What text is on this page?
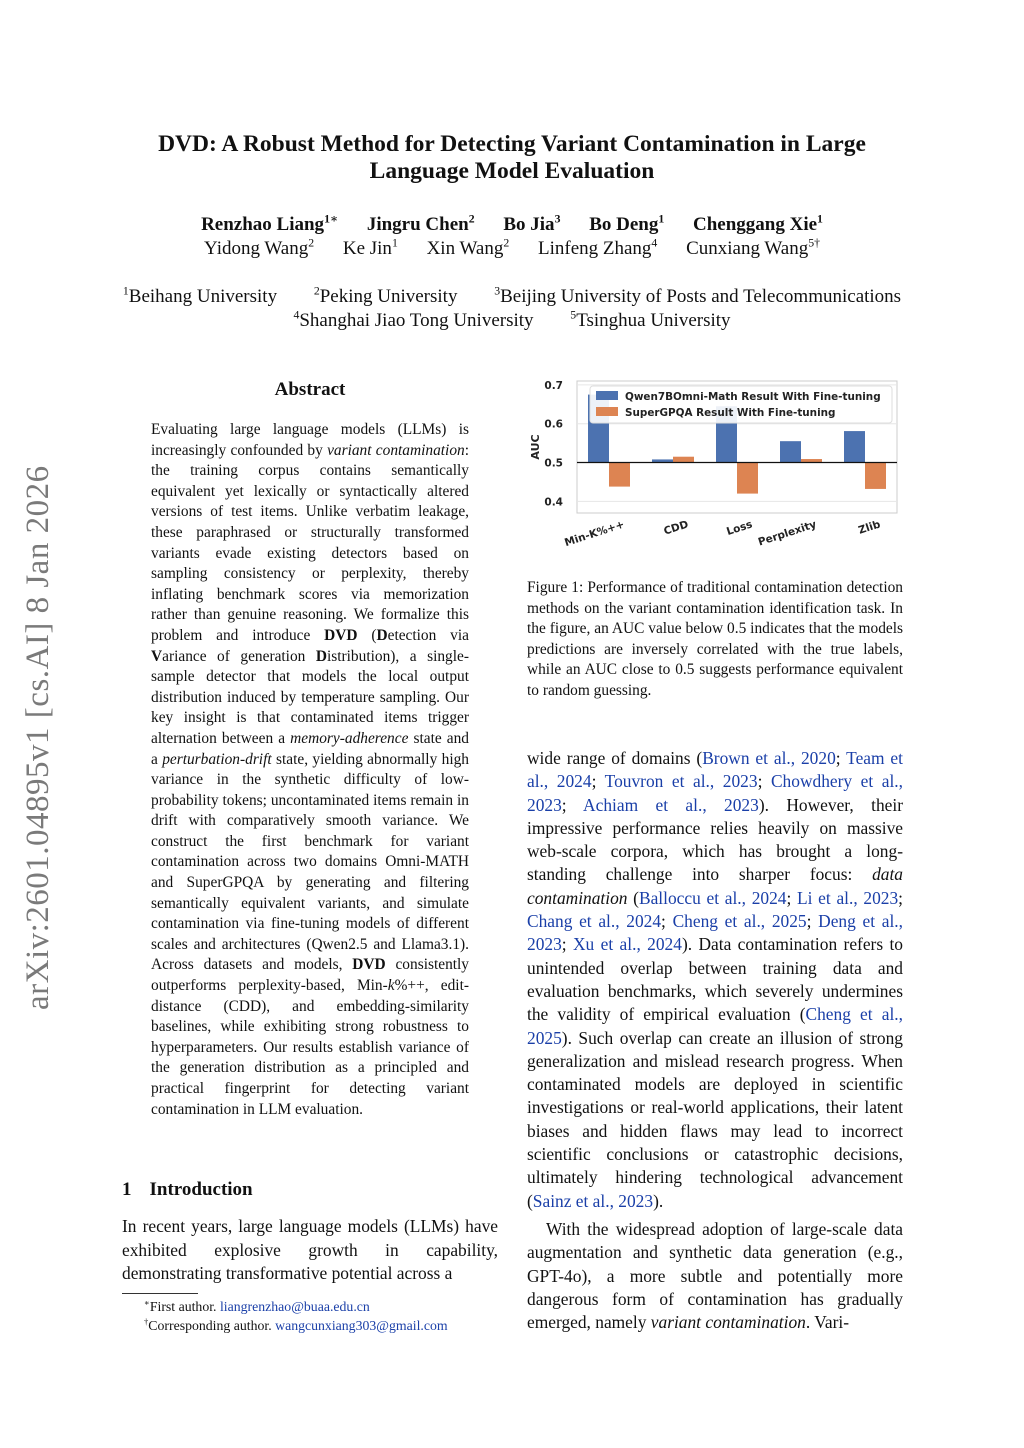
arXiv:2601.04895v1 [cs.AI] 8 Jan 2026
DVD: A Robust Method for Detecting Variant Contamination in Large
Language Model Evaluation
Renzhao Liang$^{1∗}$ Jingru Chen$^2$ Bo Jia$^3$ Bo Deng$^1$ Chenggang Xie$^1$
Yidong Wang$^2$ Ke Jin$^1$ Xin Wang$^2$ Linfeng Zhang$^4$ Cunxiang Wang$^{5\dagger}$
$^1$Beihang University	$^2$Peking University	$^3$Beijing University of Posts and Telecommunications
$^4$Shanghai Jiao Tong University	$^5$Tsinghua University
Abstract
Evaluating large language models (LLMs) is increasingly confounded by variant contamination: the training corpus contains semantically equivalent yet lexically or syntactically altered versions of test items. Unlike verbatim leakage, these paraphrased or structurally transformed variants evade existing detectors based on sampling consistency or perplexity, thereby inflating benchmark scores via memorization rather than genuine reasoning. We formalize this problem and introduce DVD (Detection via Variance of generation Distribution), a single-sample detector that models the local output distribution induced by temperature sampling. Our key insight is that contaminated items trigger alternation between a memory-adherence state and a perturbation-drift state, yielding abnormally high variance in the synthetic difficulty of low-probability tokens; uncontaminated items remain in drift with comparatively smooth variance. We construct the first benchmark for variant contamination across two domains Omni-MATH and SuperGPQA by generating and filtering semantically equivalent variants, and simulate contamination via fine-tuning models of different scales and architectures (Qwen2.5 and Llama3.1). Across datasets and models, DVD consistently outperforms perplexity-based, Min-k%++, edit-distance (CDD), and embedding-similarity baselines, while exhibiting strong robustness to hyperparameters. Our results establish variance of the generation distribution as a principled and practical fingerprint for detecting variant contamination in LLM evaluation.
1 Introduction
In recent years, large language models (LLMs) have exhibited explosive growth in capability, demonstrating transformative potential across a
∗First author. liangrenzhao@buaa.edu.cn
†Corresponding author. wangcunxiang303@gmail.com
0.4
0.5
0.6
0.7
AUC
Min-K%++	CDD	Loss Perplexity	Zlib
Qwen7BOmni-Math Result With Fine-tuning
SuperGPQA Result With Fine-tuning
Figure 1: Performance of traditional contamination detection methods on the variant contamination identification task. In the figure, an AUC value below 0.5 indicates that the models predictions are inversely correlated with the true labels, while an AUC close to 0.5 suggests performance equivalent to random guessing.

wide range of domains (Brown et al., 2020; Team et al., 2024; Touvron et al., 2023; Chowdhery et al., 2023; Achiam et al., 2023). However, their impressive performance relies heavily on massive web-scale corpora, which has brought a long-standing challenge into sharper focus: data contamination (Balloccu et al., 2024; Li et al., 2023; Chang et al., 2024; Cheng et al., 2025; Deng et al., 2023; Xu et al., 2024). Data contamination refers to unintended overlap between training data and evaluation benchmarks, which severely undermines the validity of empirical evaluation (Cheng et al., 2025). Such overlap can create an illusion of strong generalization and mislead research progress. When contaminated models are deployed in scientific investigations or real-world applications, their latent biases and hidden flaws may lead to incorrect scientific conclusions or catastrophic decisions, ultimately hindering technological advancement (Sainz et al., 2023).

With the widespread adoption of large-scale data augmentation and synthetic data generation (e.g., GPT-4o), a more subtle and potentially more dangerous form of contamination has gradually emerged, namely variant contamination. Vari-
